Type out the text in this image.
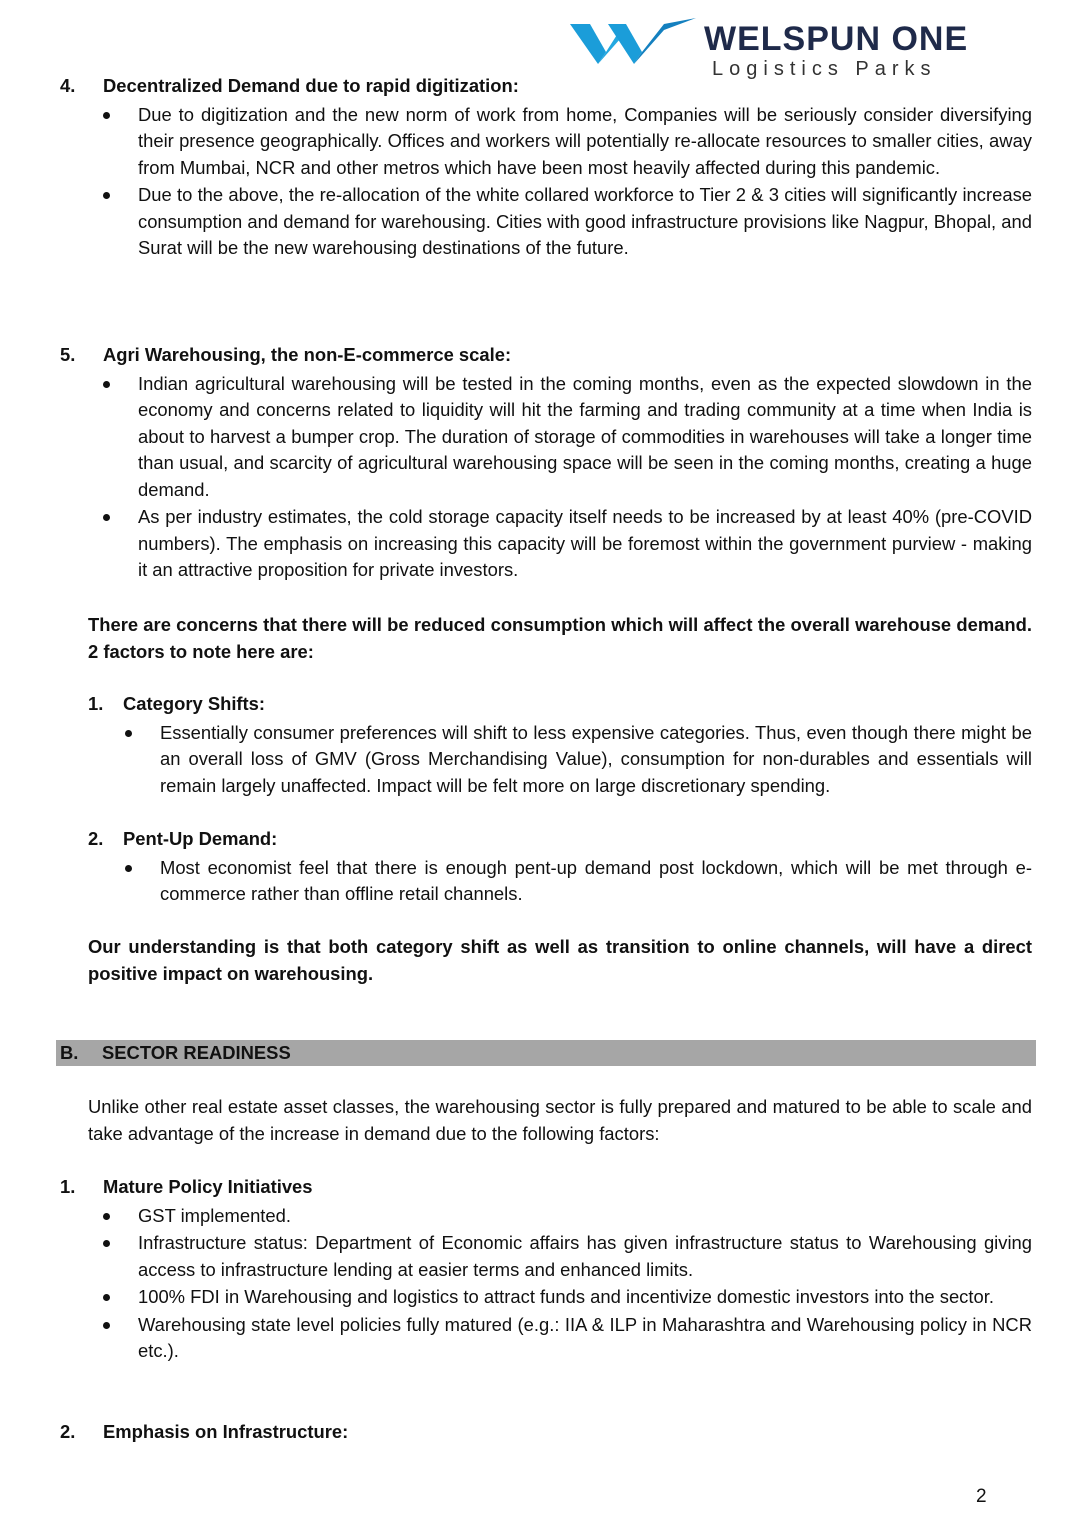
WELSPUN ONE
Logistics Parks
4. Decentralized Demand due to rapid digitization:
Due to digitization and the new norm of work from home, Companies will be seriously consider diversifying their presence geographically. Offices and workers will potentially re-allocate resources to smaller cities, away from Mumbai, NCR and other metros which have been most heavily affected during this pandemic.
Due to the above, the re-allocation of the white collared workforce to Tier 2 & 3 cities will significantly increase consumption and demand for warehousing. Cities with good infrastructure provisions like Nagpur, Bhopal, and Surat will be the new warehousing destinations of the future.
5. Agri Warehousing, the non-E-commerce scale:
Indian agricultural warehousing will be tested in the coming months, even as the expected slowdown in the economy and concerns related to liquidity will hit the farming and trading community at a time when India is about to harvest a bumper crop. The duration of storage of commodities in warehouses will take a longer time than usual, and scarcity of agricultural warehousing space will be seen in the coming months, creating a huge demand.
As per industry estimates, the cold storage capacity itself needs to be increased by at least 40% (pre-COVID numbers). The emphasis on increasing this capacity will be foremost within the government purview - making it an attractive proposition for private investors.
There are concerns that there will be reduced consumption which will affect the overall warehouse demand. 2 factors to note here are:
1. Category Shifts:
Essentially consumer preferences will shift to less expensive categories. Thus, even though there might be an overall loss of GMV (Gross Merchandising Value), consumption for non-durables and essentials will remain largely unaffected. Impact will be felt more on large discretionary spending.
2. Pent-Up Demand:
Most economist feel that there is enough pent-up demand post lockdown, which will be met through e-commerce rather than offline retail channels.
Our understanding is that both category shift as well as transition to online channels, will have a direct positive impact on warehousing.
B. SECTOR READINESS
Unlike other real estate asset classes, the warehousing sector is fully prepared and matured to be able to scale and take advantage of the increase in demand due to the following factors:
1. Mature Policy Initiatives
GST implemented.
Infrastructure status: Department of Economic affairs has given infrastructure status to Warehousing giving access to infrastructure lending at easier terms and enhanced limits.
100% FDI in Warehousing and logistics to attract funds and incentivize domestic investors into the sector.
Warehousing state level policies fully matured (e.g.: IIA & ILP in Maharashtra and Warehousing policy in NCR etc.).
2. Emphasis on Infrastructure:
2
